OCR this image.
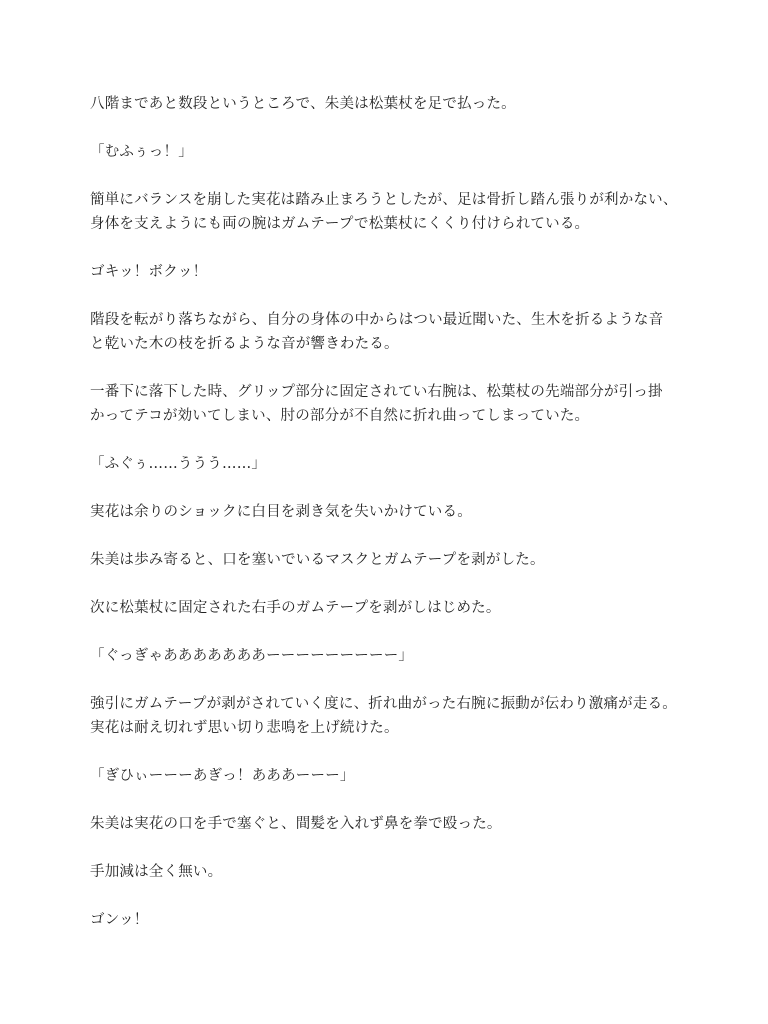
八階まであと数段というところで、朱美は松葉杖を足で払った。

「むふぅっ！」

簡単にバランスを崩した実花は踏み止まろうとしたが、足は骨折し踏ん張りが利かない、
身体を支えようにも両の腕はガムテープで松葉杖にくくり付けられている。

ゴキッ！ボクッ！

階段を転がり落ちながら、自分の身体の中からはつい最近聞いた、生木を折るような音
と乾いた木の枝を折るような音が響きわたる。

一番下に落下した時、グリップ部分に固定されてい右腕は、松葉杖の先端部分が引っ掛
かってテコが効いてしまい、肘の部分が不自然に折れ曲ってしまっていた。

「ふぐぅ……ううう……」

実花は余りのショックに白目を剥き気を失いかけている。

朱美は歩み寄ると、口を塞いでいるマスクとガムテープを剥がした。

次に松葉杖に固定された右手のガムテープを剥がしはじめた。

「ぐっぎゃあああああああーーーーーーーーー」

強引にガムテープが剥がされていく度に、折れ曲がった右腕に振動が伝わり激痛が走る。
実花は耐え切れず思い切り悲鳴を上げ続けた。

「ぎひぃーーーあぎっ！あああーーー」

朱美は実花の口を手で塞ぐと、間髪を入れず鼻を拳で殴った。

手加減は全く無い。

ゴンッ！
